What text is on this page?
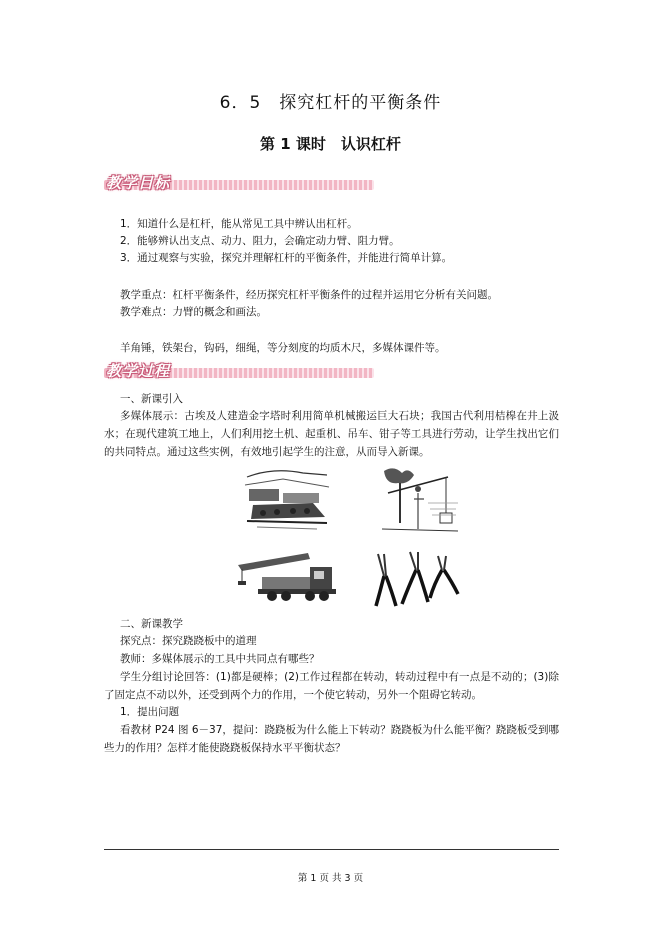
6．5　探究杠杆的平衡条件
第 1 课时　认识杠杆
教学目标
1．知道什么是杠杆，能从常见工具中辨认出杠杆。
2．能够辨认出支点、动力、阻力，会确定动力臂、阻力臂。
3．通过观察与实验，探究并理解杠杆的平衡条件，并能进行简单计算。
教学重点：杠杆平衡条件，经历探究杠杆平衡条件的过程并运用它分析有关问题。
教学难点：力臂的概念和画法。
羊角锤，铁架台，钩码，细绳，等分刻度的均质木尺，多媒体课件等。
教学过程
一、新课引入
多媒体展示：古埃及人建造金字塔时利用简单机械搬运巨大石块；我国古代利用桔槔在井上汲水；在现代建筑工地上，人们利用挖土机、起重机、吊车、钳子等工具进行劳动，让学生找出它们的共同特点。通过这些实例，有效地引起学生的注意，从而导入新课。
二、新课教学
探究点：探究跷跷板中的道理
教师：多媒体展示的工具中共同点有哪些？
学生分组讨论回答：(1)都是硬棒；(2)工作过程都在转动，转动过程中有一点是不动的；(3)除了固定点不动以外，还受到两个力的作用，一个使它转动，另外一个阻碍它转动。
1．提出问题
看教材 P24 图 6－37，提问：跷跷板为什么能上下转动？跷跷板为什么能平衡？跷跷板受到哪些力的作用？怎样才能使跷跷板保持水平平衡状态？
第 1 页 共 3 页
